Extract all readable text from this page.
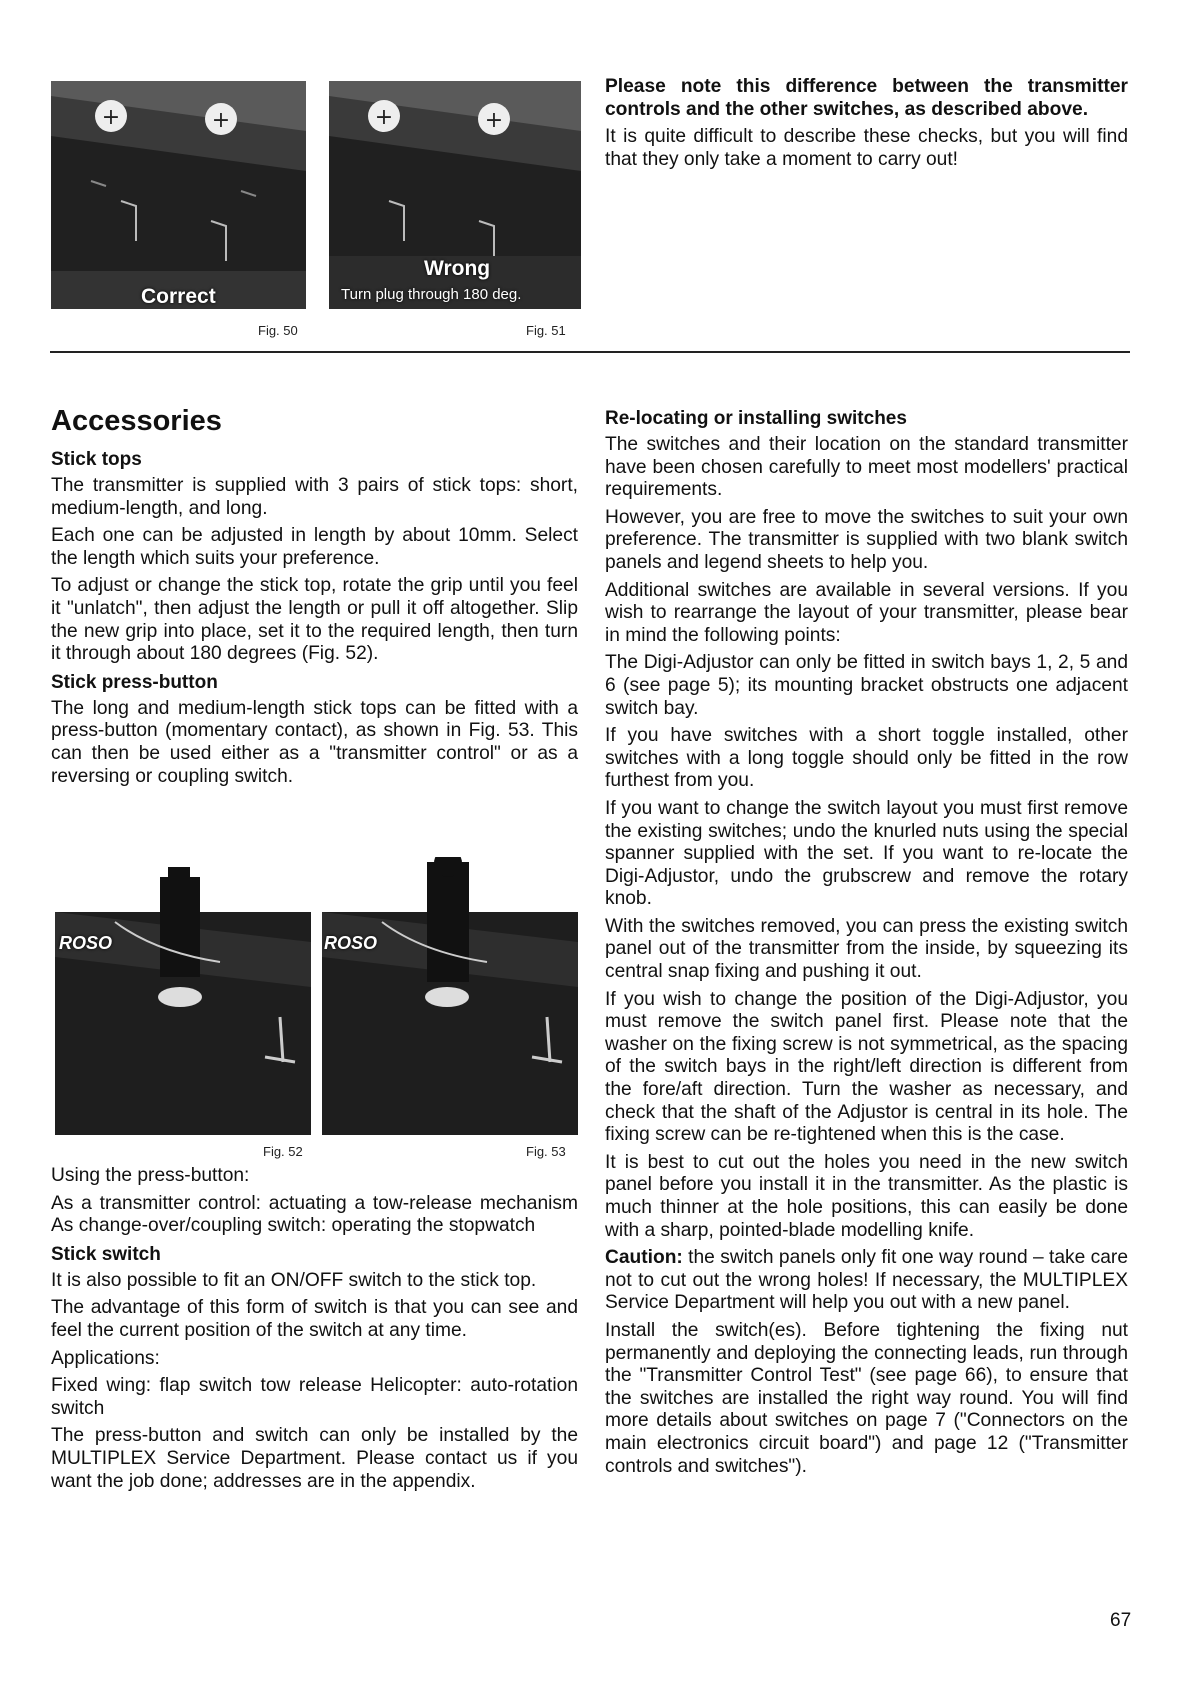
+	+
Correct
Fig. 50
+	+
Wrong
Turn plug through 180 deg.
Fig. 51

Please note this difference between the transmitter controls and the other switches, as described above.

It is quite difficult to describe these checks, but you will find that they only take a moment to carry out!

Accessories
Stick tops

The transmitter is supplied with 3 pairs of stick tops: short, medium-length, and long.

Each one can be adjusted in length by about 10mm. Select the length which suits your preference.

To adjust or change the stick top, rotate the grip until you feel it "unlatch", then adjust the length or pull it off altogether. Slip the new grip into place, set it to the required length, then turn it through about 180 degrees (Fig. 52).

Stick press-button

The long and medium-length stick tops can be fitted with a press-button (momentary contact), as shown in Fig. 53. This can then be used either as a "transmitter control" or as a reversing or coupling switch.

ROSO
Fig. 52
ROSO
Fig. 53

Using the press-button:

As a transmitter control: actuating a tow-release mechanism As change-over/coupling switch: operating the stopwatch

Stick switch

It is also possible to fit an ON/OFF switch to the stick top.

The advantage of this form of switch is that you can see and feel the current position of the switch at any time.

Applications:

Fixed wing: flap switch tow release Helicopter: auto-rotation switch

The press-button and switch can only be installed by the MULTIPLEX Service Department. Please contact us if you want the job done; addresses are in the appendix.

Re-locating or installing switches

The switches and their location on the standard transmitter have been chosen carefully to meet most modellers' practical requirements.

However, you are free to move the switches to suit your own preference. The transmitter is supplied with two blank switch panels and legend sheets to help you.

Additional switches are available in several versions. If you wish to rearrange the layout of your transmitter, please bear in mind the following points:

The Digi-Adjustor can only be fitted in switch bays 1, 2, 5 and 6 (see page 5); its mounting bracket obstructs one adjacent switch bay.

If you have switches with a short toggle installed, other switches with a long toggle should only be fitted in the row furthest from you.

If you want to change the switch layout you must first remove the existing switches; undo the knurled nuts using the special spanner supplied with the set. If you want to re-locate the Digi-Adjustor, undo the grubscrew and remove the rotary knob.

With the switches removed, you can press the existing switch panel out of the transmitter from the inside, by squeezing its central snap fixing and pushing it out.

If you wish to change the position of the Digi-Adjustor, you must remove the switch panel first. Please note that the washer on the fixing screw is not symmetrical, as the spacing of the switch bays in the right/left direction is different from the fore/aft direction. Turn the washer as necessary, and check that the shaft of the Adjustor is central in its hole. The fixing screw can be re-tightened when this is the case.

It is best to cut out the holes you need in the new switch panel before you install it in the transmitter. As the plastic is much thinner at the hole positions, this can easily be done with a sharp, pointed-blade modelling knife.

Caution: the switch panels only fit one way round – take care not to cut out the wrong holes! If necessary, the MULTIPLEX Service Department will help you out with a new panel.

Install the switch(es). Before tightening the fixing nut permanently and deploying the connecting leads, run through the "Transmitter Control Test" (see page 66), to ensure that the switches are installed the right way round. You will find more details about switches on page 7 ("Connectors on the main electronics circuit board") and page 12 ("Transmitter controls and switches").

67
